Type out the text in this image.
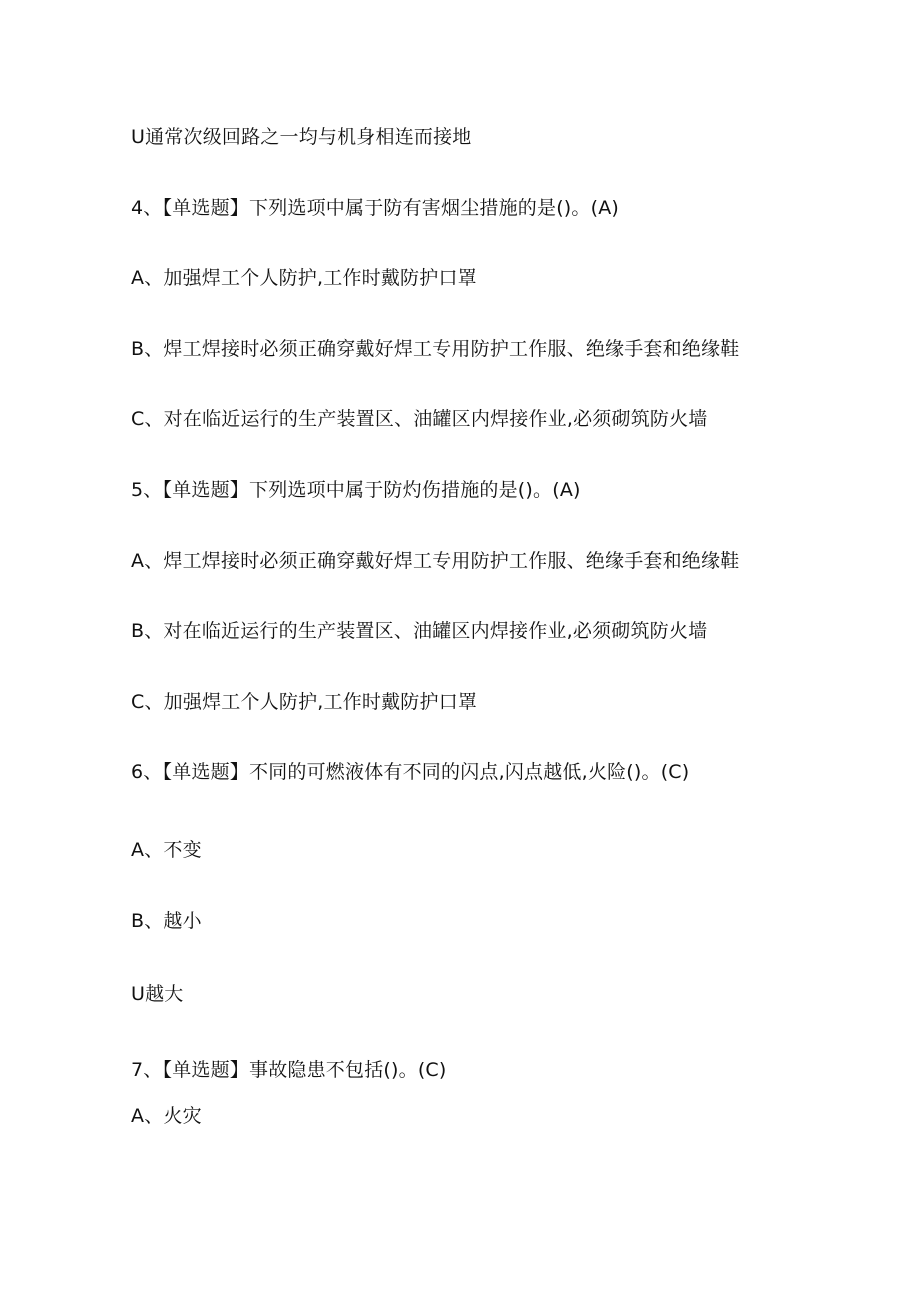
U通常次级回路之一均与机身相连而接地
4、【单选题】下列选项中属于防有害烟尘措施的是()。(A)
A、加强焊工个人防护,工作时戴防护口罩
B、焊工焊接时必须正确穿戴好焊工专用防护工作服、绝缘手套和绝缘鞋
C、对在临近运行的生产装置区、油罐区内焊接作业,必须砌筑防火墙
5、【单选题】下列选项中属于防灼伤措施的是()。(A)
A、焊工焊接时必须正确穿戴好焊工专用防护工作服、绝缘手套和绝缘鞋
B、对在临近运行的生产装置区、油罐区内焊接作业,必须砌筑防火墙
C、加强焊工个人防护,工作时戴防护口罩
6、【单选题】不同的可燃液体有不同的闪点,闪点越低,火险()。(C)
A、不变
B、越小
U越大
7、【单选题】事故隐患不包括()。(C)
A、火灾
